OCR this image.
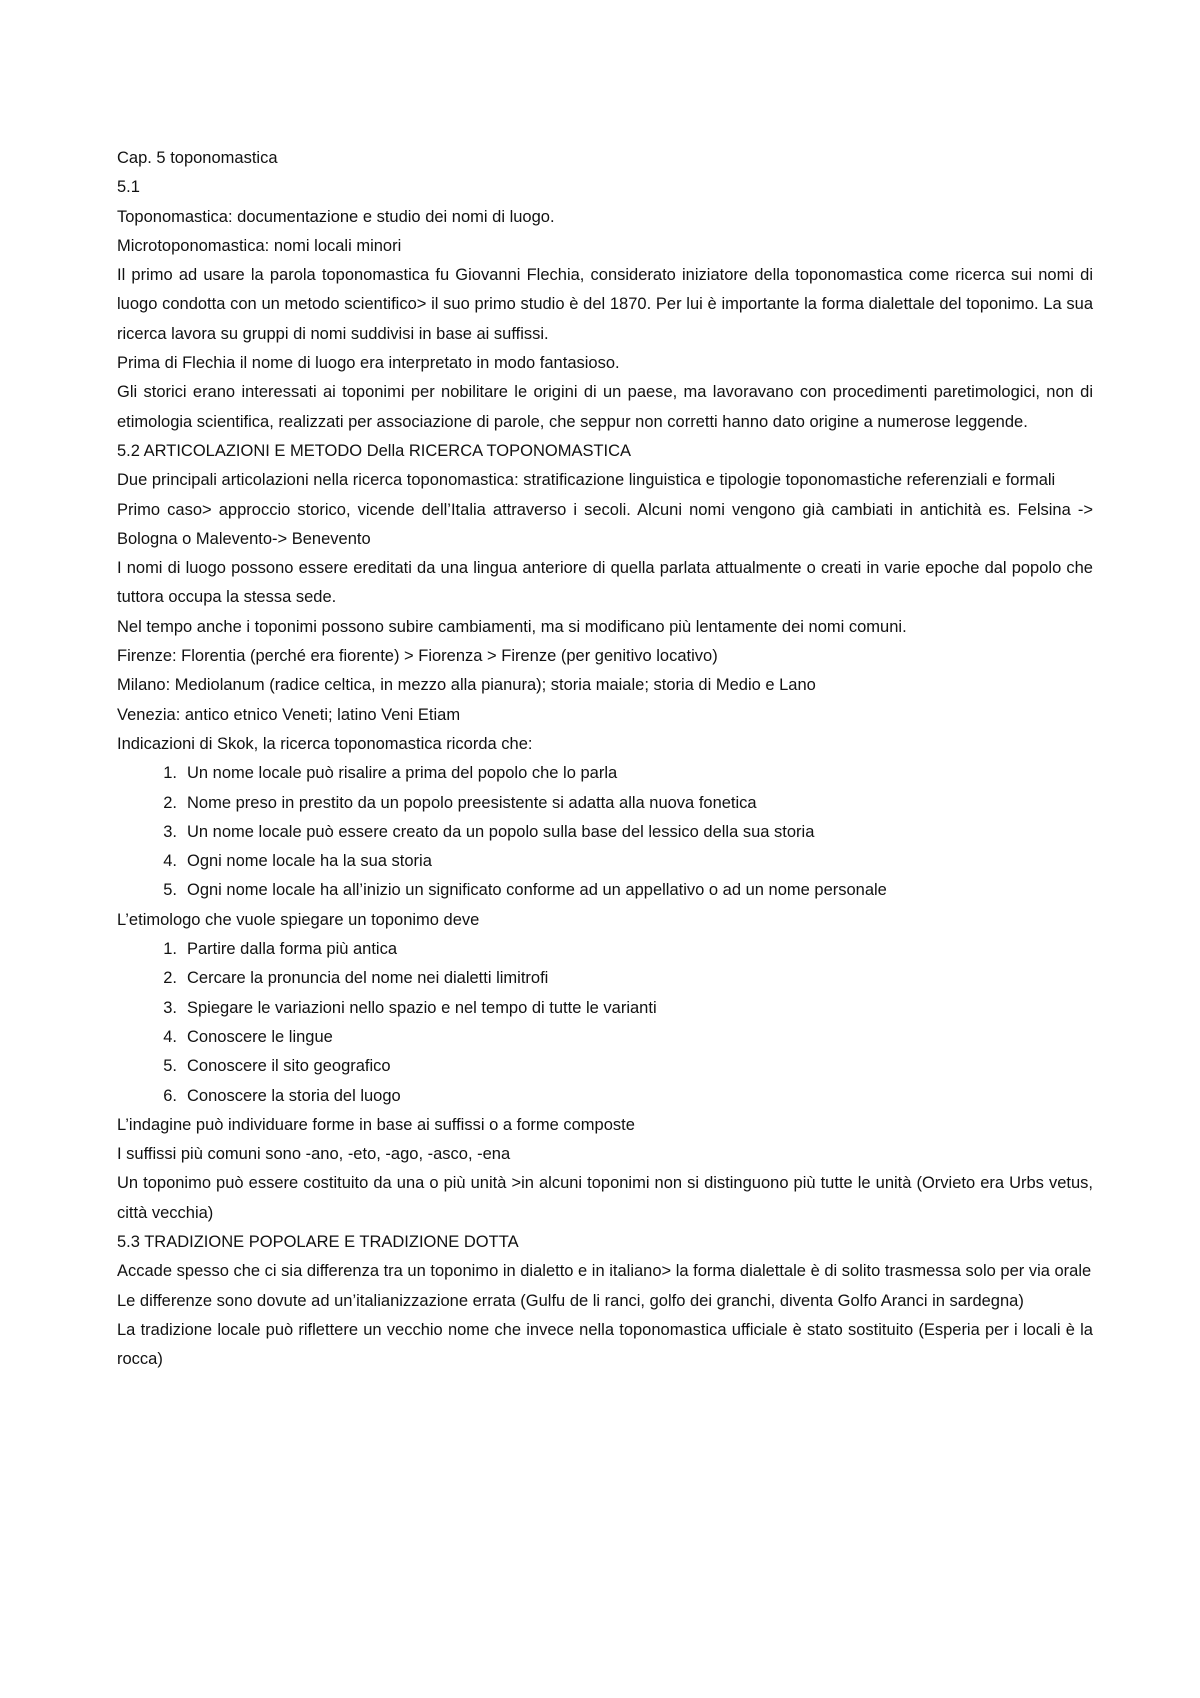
Cap. 5 toponomastica

5.1

Toponomastica: documentazione e studio dei nomi di luogo.

Microtoponomastica: nomi locali minori

Il primo ad usare la parola toponomastica fu Giovanni Flechia, considerato iniziatore della toponomastica come ricerca sui nomi di luogo condotta con un metodo scientifico> il suo primo studio è del 1870. Per lui è importante la forma dialettale del toponimo. La sua ricerca lavora su gruppi di nomi suddivisi in base ai suffissi.

Prima di Flechia il nome di luogo era interpretato in modo fantasioso.

Gli storici erano interessati ai toponimi per nobilitare le origini di un paese, ma lavoravano con procedimenti paretimologici, non di etimologia scientifica, realizzati per associazione di parole, che seppur non corretti hanno dato origine a numerose leggende.

5.2 ARTICOLAZIONI E METODO Della RICERCA TOPONOMASTICA

Due principali articolazioni nella ricerca toponomastica: stratificazione linguistica e tipologie toponomastiche referenziali e formali

Primo caso> approccio storico, vicende dell’Italia attraverso i secoli. Alcuni nomi vengono già cambiati in antichità es. Felsina -> Bologna o Malevento-> Benevento

I nomi di luogo possono essere ereditati da una lingua anteriore di quella parlata attualmente o creati in varie epoche dal popolo che tuttora occupa la stessa sede.

Nel tempo anche i toponimi possono subire cambiamenti, ma si modificano più lentamente dei nomi comuni.

Firenze: Florentia (perché era fiorente) > Fiorenza > Firenze (per genitivo locativo)

Milano: Mediolanum (radice celtica, in mezzo alla pianura); storia maiale; storia di Medio e Lano

Venezia: antico etnico Veneti; latino Veni Etiam

Indicazioni di Skok, la ricerca toponomastica ricorda che:

1. Un nome locale può risalire a prima del popolo che lo parla
2. Nome preso in prestito da un popolo preesistente si adatta alla nuova fonetica
3. Un nome locale può essere creato da un popolo sulla base del lessico della sua storia
4. Ogni nome locale ha la sua storia
5. Ogni nome locale ha all’inizio un significato conforme ad un appellativo o ad un nome personale

L’etimologo che vuole spiegare un toponimo deve

1. Partire dalla forma più antica
2. Cercare la pronuncia del nome nei dialetti limitrofi
3. Spiegare le variazioni nello spazio e nel tempo di tutte le varianti
4. Conoscere le lingue
5. Conoscere il sito geografico
6. Conoscere la storia del luogo

L’indagine può individuare forme in base ai suffissi o a forme composte

I suffissi più comuni sono -ano, -eto, -ago, -asco, -ena

Un toponimo può essere costituito da una o più unità >in alcuni toponimi non si distinguono più tutte le unità (Orvieto era Urbs vetus, città vecchia)

5.3 TRADIZIONE POPOLARE E TRADIZIONE DOTTA

Accade spesso che ci sia differenza tra un toponimo in dialetto e in italiano> la forma dialettale è di solito trasmessa solo per via orale

Le differenze sono dovute ad un’italianizzazione errata (Gulfu de li ranci, golfo dei granchi, diventa Golfo Aranci in sardegna)

La tradizione locale può riflettere un vecchio nome che invece nella toponomastica ufficiale è stato sostituito (Esperia per i locali è la rocca)
